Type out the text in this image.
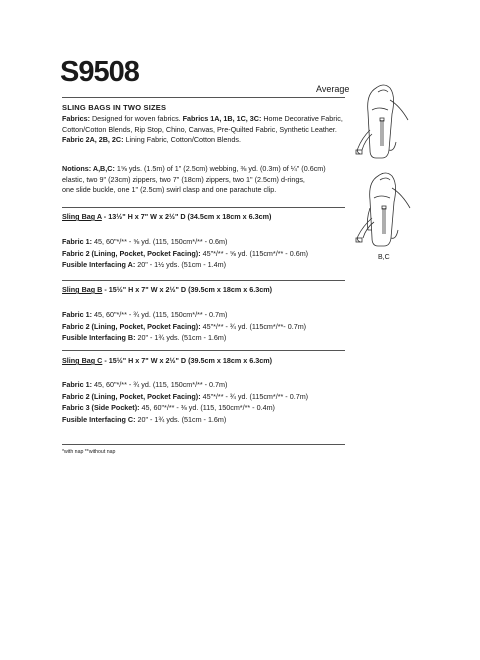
S9508
Average
SLING BAGS IN TWO SIZES
Fabrics: Designed for woven fabrics. Fabrics 1A, 1B, 1C, 3C: Home Decorative Fabric,
Cotton/Cotton Blends, Rip Stop, Chino, Canvas, Pre-Quilted Fabric, Synthetic Leather.
Fabric 2A, 2B, 2C: Lining Fabric, Cotton/Cotton Blends.
Notions: A,B,C: 1⅝ yds. (1.5m) of 1" (2.5cm) webbing, ⅜ yd. (0.3m) of ¼" (0.6cm)
elastic, two 9" (23cm) zippers, two 7" (18cm) zippers, two 1" (2.5cm) d-rings,
one slide buckle, one 1" (2.5cm) swirl clasp and one parachute clip.
Sling Bag A - 13½" H x 7" W x 2½" D (34.5cm x 18cm x 6.3cm)
Fabric 1: 45, 60"*/** - ⅝ yd. (115, 150cm*/** - 0.6m)
Fabric 2 (Lining, Pocket, Pocket Facing): 45"*/** - ⅝ yd. (115cm*/** - 0.6m)
Fusible Interfacing A: 20" - 1½ yds. (51cm - 1.4m)
Sling Bag B - 15½" H x 7" W x 2½" D (39.5cm x 18cm x 6.3cm)
Fabric 1: 45, 60"*/** - ¾ yd. (115, 150cm*/** - 0.7m)
Fabric 2 (Lining, Pocket, Pocket Facing): 45"*/** - ¾ yd. (115cm*/**- 0.7m)
Fusible Interfacing B: 20" - 1¾ yds. (51cm - 1.6m)
Sling Bag C - 15½" H x 7" W x 2½" D (39.5cm x 18cm x 6.3cm)
Fabric 1: 45, 60"*/** - ¾ yd. (115, 150cm*/** - 0.7m)
Fabric 2 (Lining, Pocket, Pocket Facing): 45"*/** - ¾ yd. (115cm*/** - 0.7m)
Fabric 3 (Side Pocket): 45, 60"*/** - ⅜ yd. (115, 150cm*/** - 0.4m)
Fusible Interfacing C: 20" - 1¾ yds. (51cm - 1.6m)
*with nap **without nap
B,C
